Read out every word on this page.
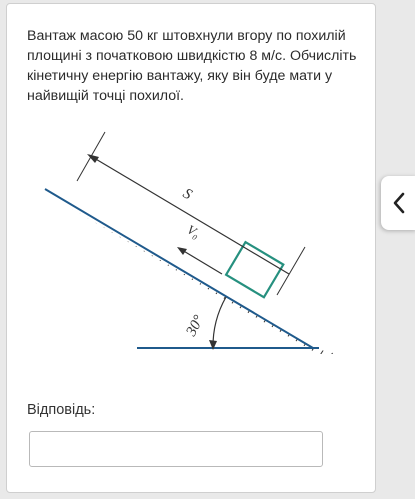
Вантаж масою 50 кг штовхнули вгору по похилій площині з початковою швидкістю 8 м/с. Обчисліть кінетичну енергію вантажу, яку він буде мати у найвищій точці похилої.

V₀
S
30°
Відповідь:
